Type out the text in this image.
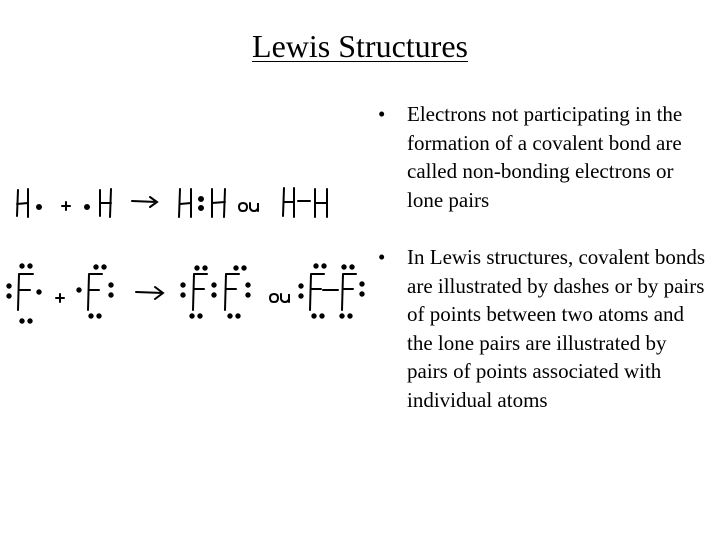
Lewis Structures
• Electrons not participating in the formation of a covalent bond are called non-bonding electrons or lone pairs
• In Lewis structures, covalent bonds are illustrated by dashes or by pairs of points between two atoms and the lone pairs are illustrated by pairs of points associated with individual atoms
